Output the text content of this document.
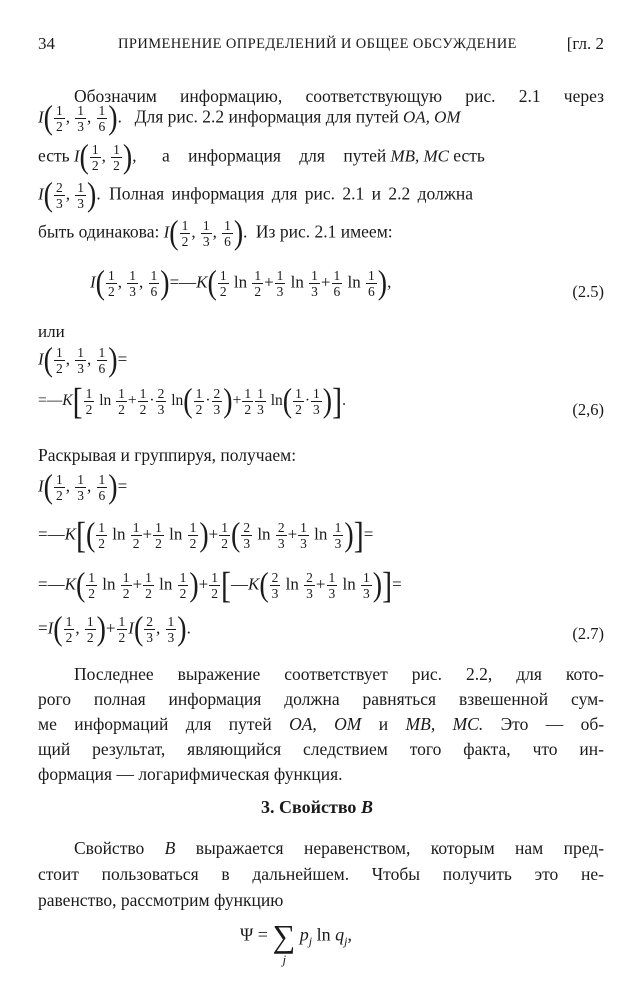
34	ПРИМЕНЕНИЕ ОПРЕДЕЛЕНИЙ И ОБЩЕЕ ОБСУЖДЕНИЕ	[гл. 2
Обозначим информацию, соответствующую рис. 2.1 через
$I( \frac{1}{2}$ , $\frac{1}{3}$ , $\frac{1}{6}$ ).   Для рис. 2.2 информация для путей OA, OM
есть $I( \frac{1}{2}$ , $\frac{1}{2}$ ),      а информация для путей MB, MC есть
$I( \frac{2}{3}$ , $\frac{1}{3}$ ).  Полная информация для рис. 2.1 и 2.2 должна
быть одинакова: $I( \frac{1}{2}$ , $\frac{1}{3}$ , $\frac{1}{6}$ ).  Из рис. 2.1 имеем:
$I( \frac{1}{2}$ , $\frac{1}{3}$ , $\frac{1}{6}$ )=—K( $\frac{1}{2}$ $\ln \frac{1}{2} + \frac{1}{3}$ $\ln \frac{1}{3} + \frac{1}{6}$ $\ln \frac{1}{6}$ ),
(2.5)
или
$I( \frac{1}{2}$ , $\frac{1}{3}$ , $\frac{1}{6}$ )=
=—K[ $\frac{1}{2}$ $\ln \frac{1}{2} + \frac{1}{2} \cdot \frac{2}{3} \ln( \frac{1}{2} \cdot \frac{2}{3}$ )+ $\frac{1}{2} \frac{1}{3} \ln( \frac{1}{2} \cdot \frac{1}{3}$ )].	(2,6)
Раскрывая и группируя, получаем:
$I( \frac{1}{2}$ , $\frac{1}{3}$ , $\frac{1}{6}$ )=
=—K[( $\frac{1}{2}$ $\ln \frac{1}{2} + \frac{1}{2}$ $\ln \frac{1}{2}$ )+ $\frac{1}{2}$ ( $\frac{2}{3}$ $\ln \frac{2}{3} + \frac{1}{3}$ $\ln \frac{1}{3}$ )]=
=—K( $\frac{1}{2}$ $\ln \frac{1}{2} + \frac{1}{2}$ $\ln \frac{1}{2}$ )+ $\frac{1}{2}$ [—K( $\frac{2}{3}$ $\ln \frac{2}{3} + \frac{1}{3}$ $\ln \frac{1}{3}$ )]=
$=I( \frac{1}{2}$ , $\frac{1}{2}$ )+ $\frac{1}{2} I( \frac{2}{3}$ , $\frac{1}{3}$ ).	(2.7)
Последнее выражение соответствует рис. 2.2, для кото-
рого полная информация должна равняться взвешенной сум-
ме информаций для путей OA, OM и MB, MC. Это — об-
щий результат, являющийся следствием того факта, что ин-
формация — логарифмическая функция.
3. Свойство B
Свойство B выражается неравенством, которым нам пред-
стоит пользоваться в дальнейшем. Чтобы получить это не-
равенство, рассмотрим функцию
Ψ = ∑
j
$p_j$ $\ln q_j$,
